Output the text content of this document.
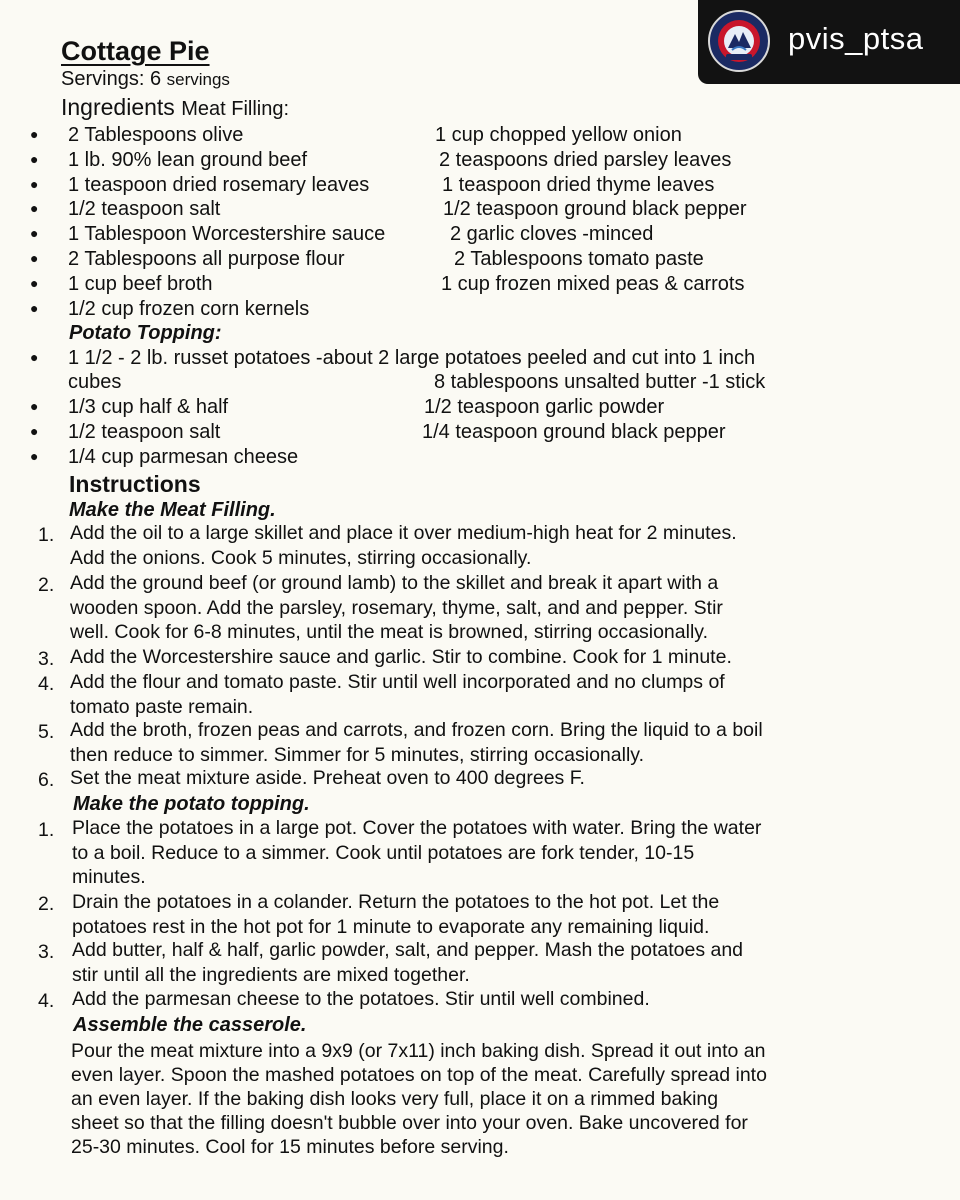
pvis_ptsa
Cottage Pie
Servings: 6 servings
Ingredients Meat Filling:
● 2 Tablespoons olive	1 cup chopped yellow onion
● 1 lb. 90% lean ground beef	2 teaspoons dried parsley leaves
● 1 teaspoon dried rosemary leaves	1 teaspoon dried thyme leaves
● 1/2 teaspoon salt	1/2 teaspoon ground black pepper
● 1 Tablespoon Worcestershire sauce	2 garlic cloves -minced
● 2 Tablespoons all purpose flour	2 Tablespoons tomato paste
● 1 cup beef broth	1 cup frozen mixed peas & carrots
● 1/2 cup frozen corn kernels
Potato Topping:
● 1 1/2 - 2 lb. russet potatoes -about 2 large potatoes peeled and cut into 1 inch
cubes	8 tablespoons unsalted butter -1 stick
● 1/3 cup half & half	1/2 teaspoon garlic powder
● 1/2 teaspoon salt	1/4 teaspoon ground black pepper
● 1/4 cup parmesan cheese
Instructions
Make the Meat Filling.
1. Add the oil to a large skillet and place it over medium-high heat for 2 minutes.
Add the onions. Cook 5 minutes, stirring occasionally.
2. Add the ground beef (or ground lamb) to the skillet and break it apart with a
wooden spoon. Add the parsley, rosemary, thyme, salt, and and pepper. Stir
well. Cook for 6-8 minutes, until the meat is browned, stirring occasionally.
3. Add the Worcestershire sauce and garlic. Stir to combine. Cook for 1 minute.
4. Add the flour and tomato paste. Stir until well incorporated and no clumps of
tomato paste remain.
5. Add the broth, frozen peas and carrots, and frozen corn. Bring the liquid to a boil
then reduce to simmer. Simmer for 5 minutes, stirring occasionally.
6. Set the meat mixture aside. Preheat oven to 400 degrees F.
Make the potato topping.
1. Place the potatoes in a large pot. Cover the potatoes with water. Bring the water
to a boil. Reduce to a simmer. Cook until potatoes are fork tender, 10-15
minutes.
2. Drain the potatoes in a colander. Return the potatoes to the hot pot. Let the
potatoes rest in the hot pot for 1 minute to evaporate any remaining liquid.
3. Add butter, half & half, garlic powder, salt, and pepper. Mash the potatoes and
stir until all the ingredients are mixed together.
4. Add the parmesan cheese to the potatoes. Stir until well combined.
Assemble the casserole.
Pour the meat mixture into a 9x9 (or 7x11) inch baking dish. Spread it out into an
even layer. Spoon the mashed potatoes on top of the meat. Carefully spread into
an even layer. If the baking dish looks very full, place it on a rimmed baking
sheet so that the filling doesn't bubble over into your oven. Bake uncovered for
25-30 minutes. Cool for 15 minutes before serving.
